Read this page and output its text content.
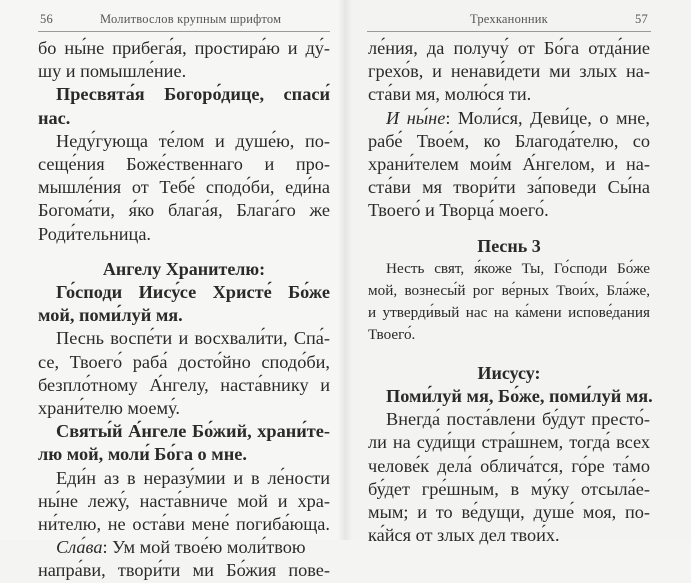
56	Молитвослов крупным шрифтом
бо ны́не прибега́я, простира́ю и ду́-
шу и помышле́ние.
Пресвята́я Богоро́дице, спаси́
нас.
Неду́гующа те́лом и душе́ю, по-
сеще́ния Боже́ственнаго и про-
мышле́ния от Тебе́ сподо́би, еди́на
Богома́ти, я́ко блага́я, Блага́го же
Роди́тельница.
Ангелу Хранителю:
Го́споди Иису́се Христе́ Бо́же
мой, поми́луй мя.
Песнь воспе́ти и восхвали́ти, Спа́-
се, Твоего́ раба́ досто́йно сподо́би,
безпло́тному А́нгелу, наста́внику и
храни́телю моему́.
Святы́й А́нгеле Бо́жий, храни́те-
лю мой, моли́ Бо́га о мне.
Еди́н аз в неразу́мии и в ле́ности
ны́не лежу́, наста́вниче мой и хра-
ни́телю, не оста́ви мене́ погиба́юща.
Сла́ва: Ум мой твое́ю моли́твою
напра́ви, твори́ти ми Бо́жия пове-
Трехканонник	57
ле́ния, да получу́ от Бо́га отда́ние
грехо́в, и ненави́дети ми злых на-
ста́ви мя, молю́ся ти.
И ны́не: Моли́ся, Деви́це, о мне,
рабе́ Твое́м, ко Благода́телю, со
храни́телем мои́м А́нгелом, и на-
ста́ви мя твори́ти за́поведи Сы́на
Твоего́ и Творца́ моего́.
Песнь 3
Несть свят, я́коже Ты, Го́споди Бо́же
мой, вознесы́й рог ве́рных Твои́х, Бла́же,
и утверди́вый нас на ка́мени испове́дания
Твоего́.
Иисусу:
Поми́луй мя, Бо́же, поми́луй мя.
Внегда́ поста́влени бу́дут престо́-
ли на суди́щи стра́шнем, тогда́ всех
челове́к дела́ облича́тся, го́ре та́мо
бу́дет гре́шным, в му́ку отсыла́е-
мым; и то ве́дущи, душе́ моя, по-
ка́йся от злых дел твои́х.
